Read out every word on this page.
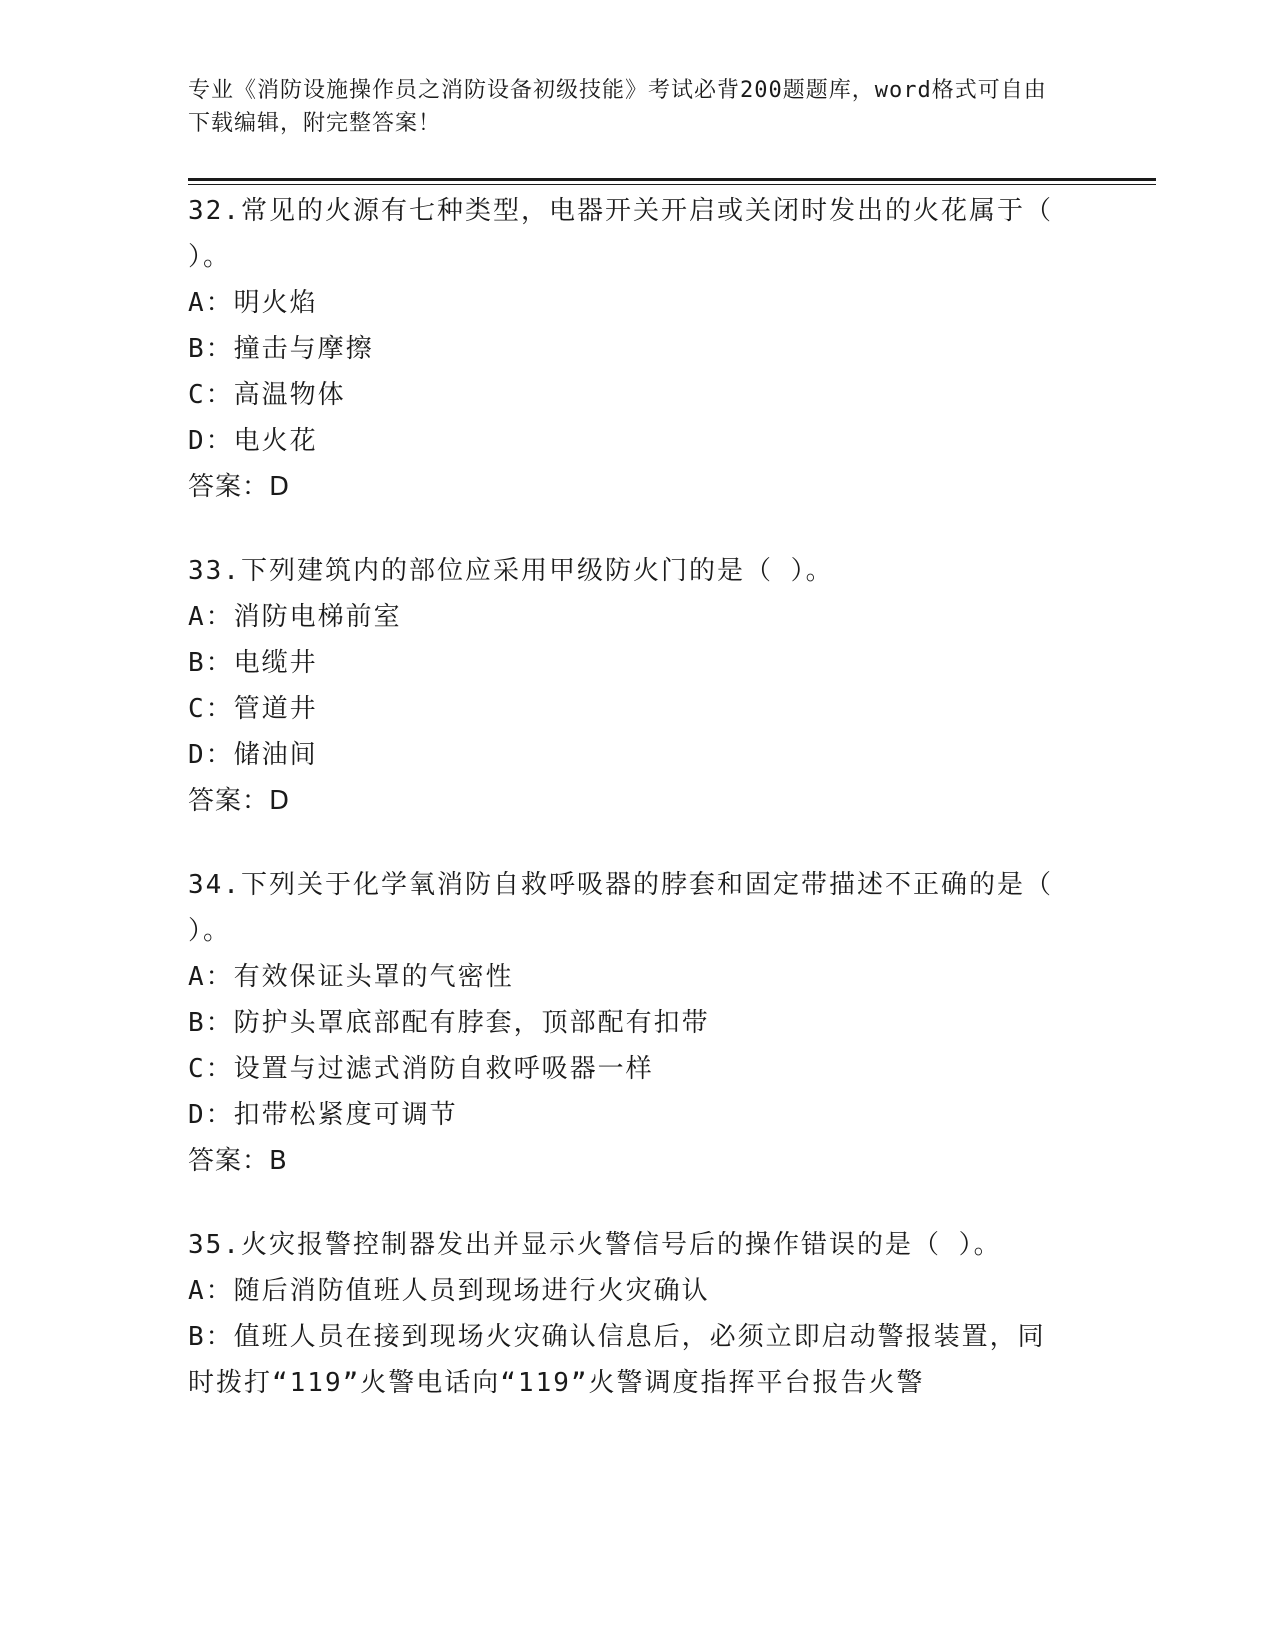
专业《消防设施操作员之消防设备初级技能》考试必背200题题库，word格式可自由下载编辑，附完整答案！
32.常见的火源有七种类型，电器开关开启或关闭时发出的火花属于（ ）。
A：明火焰
B：撞击与摩擦
C：高温物体
D：电火花
答案：D
33.下列建筑内的部位应采用甲级防火门的是（ ）。
A：消防电梯前室
B：电缆井
C：管道井
D：储油间
答案：D
34.下列关于化学氧消防自救呼吸器的脖套和固定带描述不正确的是（ ）。
A：有效保证头罩的气密性
B：防护头罩底部配有脖套，顶部配有扣带
C：设置与过滤式消防自救呼吸器一样
D：扣带松紧度可调节
答案：B
35.火灾报警控制器发出并显示火警信号后的操作错误的是（ ）。
A：随后消防值班人员到现场进行火灾确认
B：值班人员在接到现场火灾确认信息后，必须立即启动警报装置，同时拨打“119”火警电话向“119”火警调度指挥平台报告火警
